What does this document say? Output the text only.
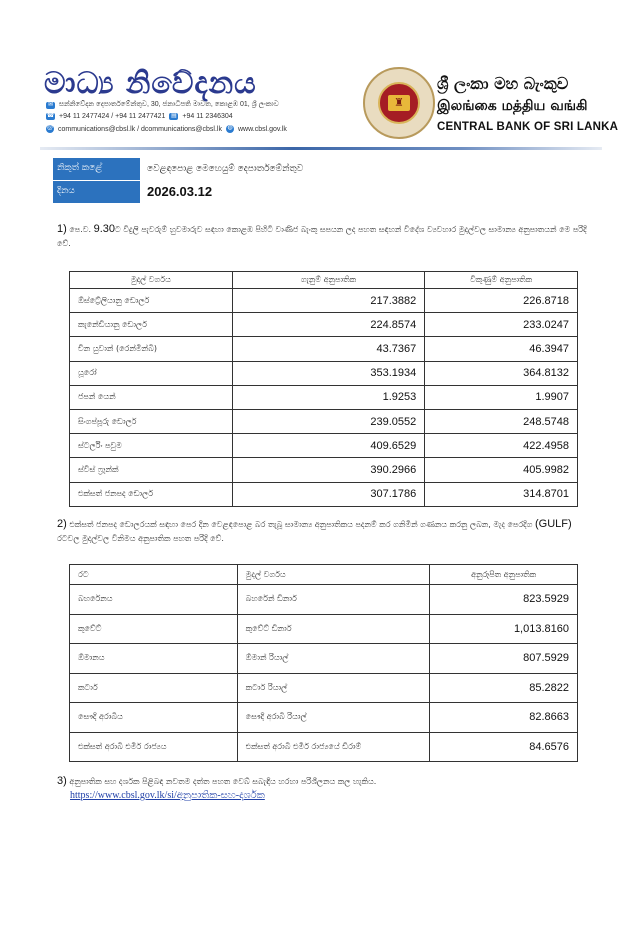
මාධ්‍ය නිවේදනය
✉ සන්නිවේදන දෙපාර්තමේන්තුව, 30, ජනාධිපති මාවත, කොළඹ 01, ශ්‍රී ලංකාව
☎ +94 11 2477424 / +94 11 2477421 ▤ +94 11 2346304
@ communications@cbsl.lk / dcommunications@cbsl.lk ◍ www.cbsl.gov.lk
♜
ශ්‍රී ලංකා මහ බැංකුව
இலங்கை மத்திய வங்கி
CENTRAL BANK OF SRI LANKA
නිකුත් කළේ	වෙළඳපොළ මෙහෙයුම් දෙපාර්තමේන්තුව
දිනය	2026.03.12
1) පෙ.ව. 9.30ට විදුලි පැවරුම් හුවමාරුව සඳහා කොළඹ පිහිටි වාණිජ බැංකු සපයන ලද පහත සඳහන් විදේශ ව්‍යවහාර මුදල්වල සාමාන්‍ය අනුපාතයන් මෙ පරිදි වේ.
මුදල් වර්ගය	ගැනුම් අනුපාතික	විකුණුම් අනුපාතික
ඕස්ට්‍රේලියානු ඩොලර්	217.3882	226.8718
කැනේඩියානු ඩොලර්	224.8574	233.0247
චීන යුවාන් (රෙන්මින්බි)	43.7367	46.3947
යූරෝ	353.1934	364.8132
ජපන් යෙන්	1.9253	1.9907
සිංගප්පූරු ඩොලර්	239.0552	248.5748
ස්ටර්ලිං පවුම	409.6529	422.4958
ස්විස් ෆ්‍රෑන්ක්	390.2966	405.9982
එක්සත් ජනපද ඩොලර්	307.1786	314.8701
2) එක්සත් ජනපද ඩොලරයක් සඳහා පෙර දින වෙළඳපොළ බර තැබූ සාමාන්‍ය අනුපාතිකය පදනම් කර ගනිමින් ගණනය කරනු ලබන, මැද පෙරදිග (GULF) රටවල මුදල්වල විනිමය අනුපාතික පහත පරිදි වේ.
රට	මුදල් වර්ගය	අනුරූපිත අනුපාතික
බහරේනය	බහරේන් ඩිනාර්	823.5929
කුවේට්	කුවේට් ඩිනාර්	1,013.8160
ඕමානය	ඕමාන් රියාල්	807.5929
කටාර්	කටාර් රියාල්	85.2822
සෞදි අරාබිය	සෞදි අරාබි රියාල්	82.8663
එක්සත් අරාබි එමීර් රාජ්‍යය	එක්සත් අරාබි එමීර් රාජ්‍යයේ ඩිරාම්	84.6576
3) අනුපාතික සහ දර්ශක පිළිබඳ නවතම දත්ත පහත වෙබ් සබැඳිය හරහා පරිශීලනය කල හැකිය.
https://www.cbsl.gov.lk/si/අනුපාතික-සහ-දර්ශක
